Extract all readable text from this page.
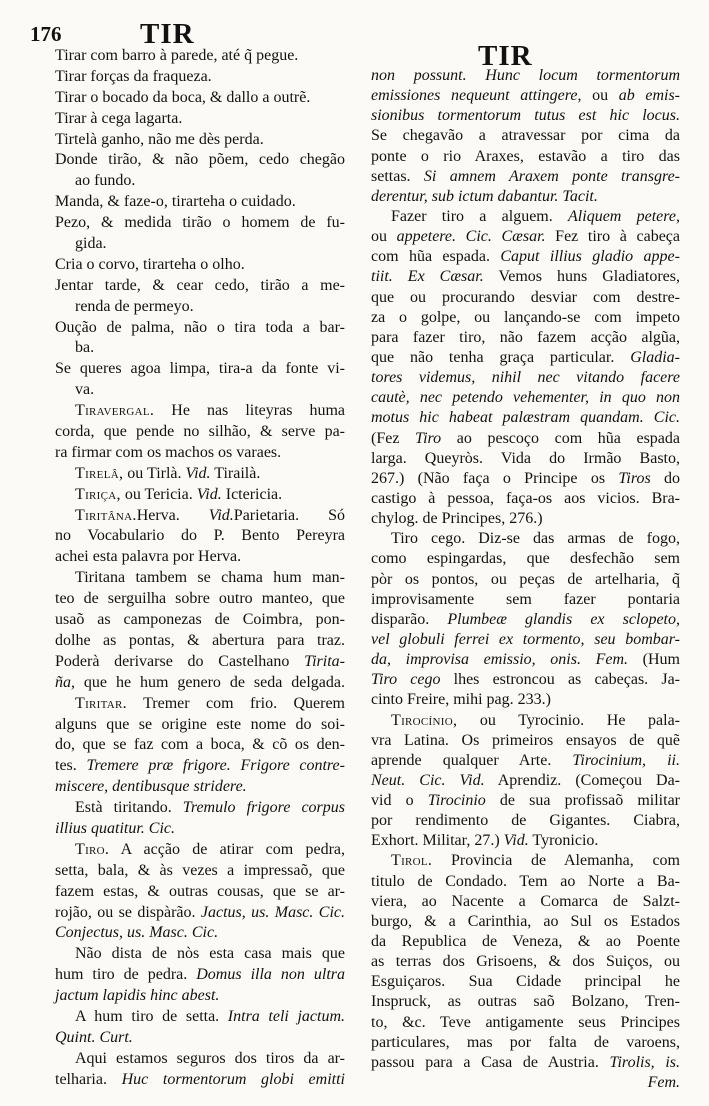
176	TIR
TIR
Tirar com barro à parede, até q̃ pegue.
Tirar forças da fraqueza.
Tirar o bocado da boca, & dallo a outrẽ.
Tirar à cega lagarta.
Tirtelà ganho, não me dès perda.
Donde tirão, & não põem, cedo chegão
ao fundo.
Manda, & faze-o, tirarteha o cuidado.
Pezo, & medida tirão o homem de fu-
gida.
Cria o corvo, tirarteha o olho.
Jentar tarde, & cear cedo, tirão a me-
renda de permeyo.
Oução de palma, não o tira toda a bar-
ba.
Se queres agoa limpa, tira-a da fonte vi-
va.
Tiravergal. He nas liteyras huma
corda, que pende no silhão, & serve pa-
ra firmar com os machos os varaes.
Tirelâ, ou Tirlà. Vid. Tirailà.
Tiriça, ou Tericia. Vid. Ictericia.
Tiritâna.Herva. Vid.Parietaria. Só
no Vocabulario do P. Bento Pereyra
achei esta palavra por Herva.
Tiritana tambem se chama hum man-
teo de serguilha sobre outro manteo, que
usaõ as camponezas de Coimbra, pon-
dolhe as pontas, & abertura para traz.
Poderà derivarse do Castelhano Tirita-
ña, que he hum genero de seda delgada.
Tiritar. Tremer com frio. Querem
alguns que se origine este nome do soi-
do, que se faz com a boca, & cõ os den-
tes. Tremere præ frigore. Frigore contre-
miscere, dentibusque stridere.
Està tiritando. Tremulo frigore corpus
illius quatitur. Cic.
Tiro. A acção de atirar com pedra,
setta, bala, & às vezes a impressaõ, que
fazem estas, & outras cousas, que se ar-
rojão, ou se dispàrão. Jactus, us. Masc. Cic.
Conjectus, us. Masc. Cic.
Não dista de nòs esta casa mais que
hum tiro de pedra. Domus illa non ultra
jactum lapidis hinc abest.
A hum tiro de setta. Intra teli jactum.
Quint. Curt.
Aqui estamos seguros dos tiros da ar-
telharia. Huc tormentorum globi emitti
non possunt. Hunc locum tormentorum
emissiones nequeunt attingere, ou ab emis-
sionibus tormentorum tutus est hic locus.
Se chegavão a atravessar por cima da
ponte o rio Araxes, estavão a tiro das
settas. Si amnem Araxem ponte transgre-
derentur, sub ictum dabantur. Tacit.
Fazer tiro a alguem. Aliquem petere,
ou appetere. Cic. Cæsar. Fez tiro à cabeça
com hũa espada. Caput illius gladio appe-
tiit. Ex Cæsar. Vemos huns Gladiatores,
que ou procurando desviar com destre-
za o golpe, ou lançando-se com impeto
para fazer tiro, não fazem acção algũa,
que não tenha graça particular. Gladia-
tores videmus, nihil nec vitando facere
cautè, nec petendo vehementer, in quo non
motus hic habeat palæstram quandam. Cic.
(Fez Tiro ao pescoço com hũa espada
larga. Queyròs. Vida do Irmão Basto,
267.) (Não faça o Principe os Tiros do
castigo à pessoa, faça-os aos vicios. Bra-
chylog. de Principes, 276.)
Tiro cego. Diz-se das armas de fogo,
como espingardas, que desfechão sem
pòr os pontos, ou peças de artelharia, q̃
improvisamente sem fazer pontaria
disparão. Plumbeæ glandis ex sclopeto,
vel globuli ferrei ex tormento, seu bombar-
da, improvisa emissio, onis. Fem. (Hum
Tiro cego lhes estroncou as cabeças. Ja-
cinto Freire, mihi pag. 233.)
Tirocínio, ou Tyrocinio. He pala-
vra Latina. Os primeiros ensayos de quẽ
aprende qualquer Arte. Tirocinium, ii.
Neut. Cic. Vid. Aprendiz. (Começou Da-
vid o Tirocinio de sua profissaõ militar
por rendimento de Gigantes. Ciabra,
Exhort. Militar, 27.) Vid. Tyronicio.
Tirol. Provincia de Alemanha, com
titulo de Condado. Tem ao Norte a Ba-
viera, ao Nacente a Comarca de Salzt-
burgo, & a Carinthia, ao Sul os Estados
da Republica de Veneza, & ao Poente
as terras dos Grisoens, & dos Suiços, ou
Esguiçaros. Sua Cidade principal he
Inspruck, as outras saõ Bolzano, Tren-
to, &c. Teve antigamente seus Principes
particulares, mas por falta de varoens,
passou para a Casa de Austria. Tirolis, is.
Fem.
